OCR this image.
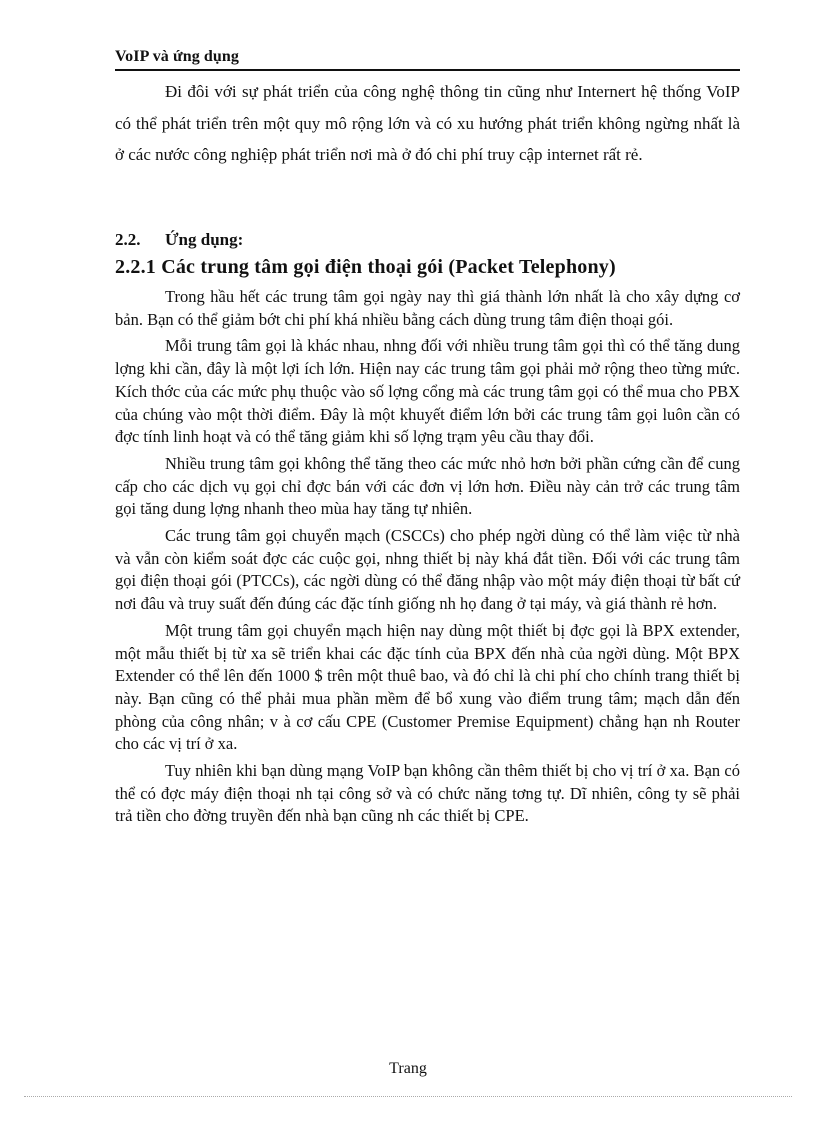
VoIP và ứng dụng

Đi đôi với sự phát triển của công nghệ thông tin cũng như Internert hệ thống VoIP có thể phát triển trên một quy mô rộng lớn và có xu hướng phát triển không ngừng nhất là ở các nước công nghiệp phát triển nơi mà ở đó chi phí truy cập internet rất rẻ.

2.2. Ứng dụng:
2.2.1 Các trung tâm gọi điện thoại gói (Packet Telephony)

Trong hầu hết các trung tâm gọi ngày nay thì giá thành lớn nhất là cho xây dựng cơ bản. Bạn có thể giảm bớt chi phí khá nhiều bằng cách dùng trung tâm điện thoại gói.

Mỗi trung tâm gọi là khác nhau, nhng đối với nhiều trung tâm gọi thì có thể tăng dung lợng khi cần, đây là một lợi ích lớn. Hiện nay các trung tâm gọi phải mở rộng theo từng mức. Kích thớc của các mức phụ thuộc vào số lợng cổng mà các trung tâm gọi có thể mua cho PBX của chúng vào một thời điểm. Đây là một khuyết điểm lớn bởi các trung tâm gọi luôn cần có đợc tính linh hoạt và có thể tăng giảm khi số lợng trạm yêu cầu thay đổi.

Nhiều trung tâm gọi không thể tăng theo các mức nhỏ hơn bởi phần cứng cần để cung cấp cho các dịch vụ gọi chỉ đợc bán với các đơn vị lớn hơn. Điều này cản trở các trung tâm gọi tăng dung lợng nhanh theo mùa hay tăng tự nhiên.

Các trung tâm gọi chuyển mạch (CSCCs) cho phép ngời dùng có thể làm việc từ nhà và vẫn còn kiểm soát đợc các cuộc gọi, nhng thiết bị này khá đắt tiền. Đối với các trung tâm gọi điện thoại gói (PTCCs), các ngời dùng có thể đăng nhập vào một máy điện thoại từ bất cứ nơi đâu và truy suất đến đúng các đặc tính giống nh họ đang ở tại máy, và giá thành rẻ hơn.

Một trung tâm gọi chuyển mạch hiện nay dùng một thiết bị đợc gọi là BPX extender, một mẫu thiết bị từ xa sẽ triển khai các đặc tính của BPX đến nhà của ngời dùng. Một BPX Extender có thể lên đến 1000 $ trên một thuê bao, và đó chỉ là chi phí cho chính trang thiết bị này. Bạn cũng có thể phải mua phần mềm để bổ xung vào điểm trung tâm; mạch dẫn đến phòng của công nhân; v à cơ cấu CPE (Customer Premise Equipment) chẳng hạn nh Router cho các vị trí ở xa.

Tuy nhiên khi bạn dùng mạng VoIP bạn không cần thêm thiết bị cho vị trí ở xa. Bạn có thể có đợc máy điện thoại nh tại công sở và có chức năng tơng tự. Dĩ nhiên, công ty sẽ phải trả tiền cho đờng truyền đến nhà bạn cũng nh các thiết bị CPE.

Trang
